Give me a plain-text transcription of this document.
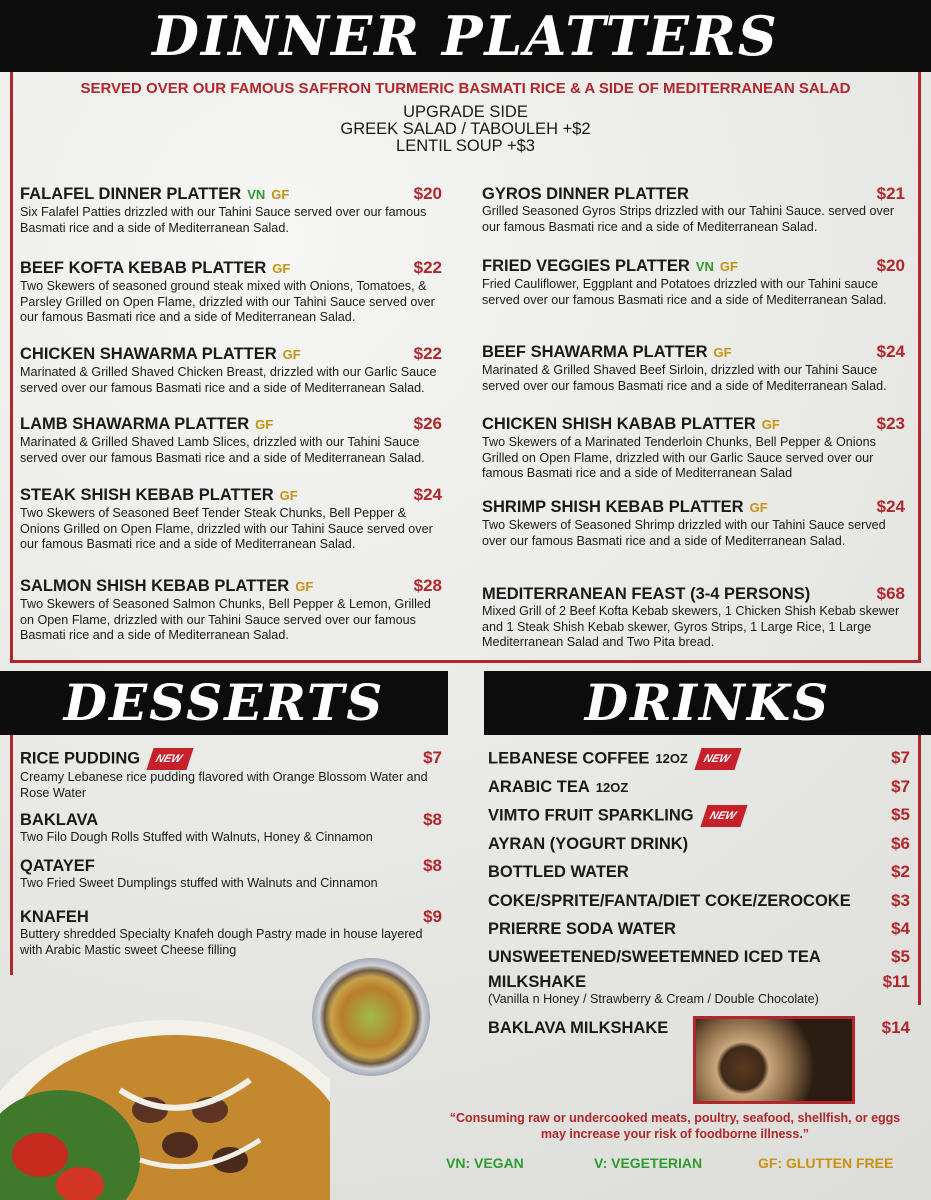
DINNER PLATTERS
DESSERTS	DRINKS
SERVED OVER OUR FAMOUS SAFFRON TURMERIC BASMATI RICE & A SIDE OF MEDITERRANEAN SALAD
UPGRADE SIDE
GREEK SALAD / TABOULEH +$2
LENTIL SOUP +$3
FALAFEL DINNER PLATTER VN GF	$20
Six Falafel Patties drizzled with our Tahini Sauce served over our famous Basmati rice and a side of Mediterranean Salad.
BEEF KOFTA KEBAB PLATTER GF	$22
Two Skewers of seasoned ground steak mixed with Onions, Tomatoes, & Parsley Grilled on Open Flame, drizzled with our Tahini Sauce served over our famous Basmati rice and a side of Mediterranean Salad.
CHICKEN SHAWARMA PLATTER GF	$22
Marinated & Grilled Shaved Chicken Breast, drizzled with our Garlic Sauce served over our famous Basmati rice and a side of Mediterranean Salad.
LAMB SHAWARMA PLATTER GF	$26
Marinated & Grilled Shaved Lamb Slices, drizzled with our Tahini Sauce served over our famous Basmati rice and a side of Mediterranean Salad.
STEAK SHISH KEBAB PLATTER GF	$24
Two Skewers of Seasoned Beef Tender Steak Chunks, Bell Pepper & Onions Grilled on Open Flame, drizzled with our Tahini Sauce served over our famous Basmati rice and a side of Mediterranean Salad.
SALMON SHISH KEBAB PLATTER GF	$28
Two Skewers of Seasoned Salmon Chunks, Bell Pepper & Lemon, Grilled on Open Flame, drizzled with our Tahini Sauce served over our famous Basmati rice and a side of Mediterranean Salad.
GYROS DINNER PLATTER	$21
Grilled Seasoned Gyros Strips drizzled with our Tahini Sauce. served over our famous Basmati rice and a side of Mediterranean Salad.
FRIED VEGGIES PLATTER VN GF	$20
Fried Cauliflower, Eggplant and Potatoes drizzled with our Tahini sauce served over our famous Basmati rice and a side of Mediterranean Salad.
BEEF SHAWARMA PLATTER GF	$24
Marinated & Grilled Shaved Beef Sirloin, drizzled with our Tahini Sauce served over our famous Basmati rice and a side of Mediterranean Salad.
CHICKEN SHISH KABAB PLATTER GF	$23
Two Skewers of a Marinated Tenderloin Chunks, Bell Pepper & Onions Grilled on Open Flame, drizzled with our Garlic Sauce served over our famous Basmati rice and a side of Mediterranean Salad
SHRIMP SHISH KEBAB PLATTER GF	$24
Two Skewers of Seasoned Shrimp drizzled with our Tahini Sauce served over our famous Basmati rice and a side of Mediterranean Salad.
MEDITERRANEAN FEAST (3-4 PERSONS)	$68
Mixed Grill of 2 Beef Kofta Kebab skewers, 1 Chicken Shish Kebab skewer and 1 Steak Shish Kebab skewer, Gyros Strips, 1 Large Rice, 1 Large Mediterranean Salad and Two Pita bread.
RICE PUDDING NEW	$7
Creamy Lebanese rice pudding flavored with Orange Blossom Water and Rose Water
BAKLAVA	$8
Two Filo Dough Rolls Stuffed with Walnuts, Honey & Cinnamon
QATAYEF	$8
Two Fried Sweet Dumplings stuffed with Walnuts and Cinnamon
KNAFEH	$9
Buttery shredded Specialty Knafeh dough Pastry made in house layered with Arabic Mastic sweet Cheese filling
LEBANESE COFFEE 12OZ NEW	$7
ARABIC TEA 12OZ	$7
VIMTO FRUIT SPARKLING NEW	$5
AYRAN (YOGURT DRINK)	$6
BOTTLED WATER	$2
COKE/SPRITE/FANTA/DIET COKE/ZEROCOKE $3
PRIERRE SODA WATER	$4
UNSWEETENED/SWEETEMNED ICED TEA	$5
MILKSHAKE	$11
(Vanilla n Honey / Strawberry & Cream / Double Chocolate)
BAKLAVA MILKSHAKE	$14
“Consuming raw or undercooked meats, poultry, seafood, shellfish, or eggs may increase your risk of foodborne illness.”
VN: VEGAN	V: VEGETERIAN	GF: GLUTTEN FREE
